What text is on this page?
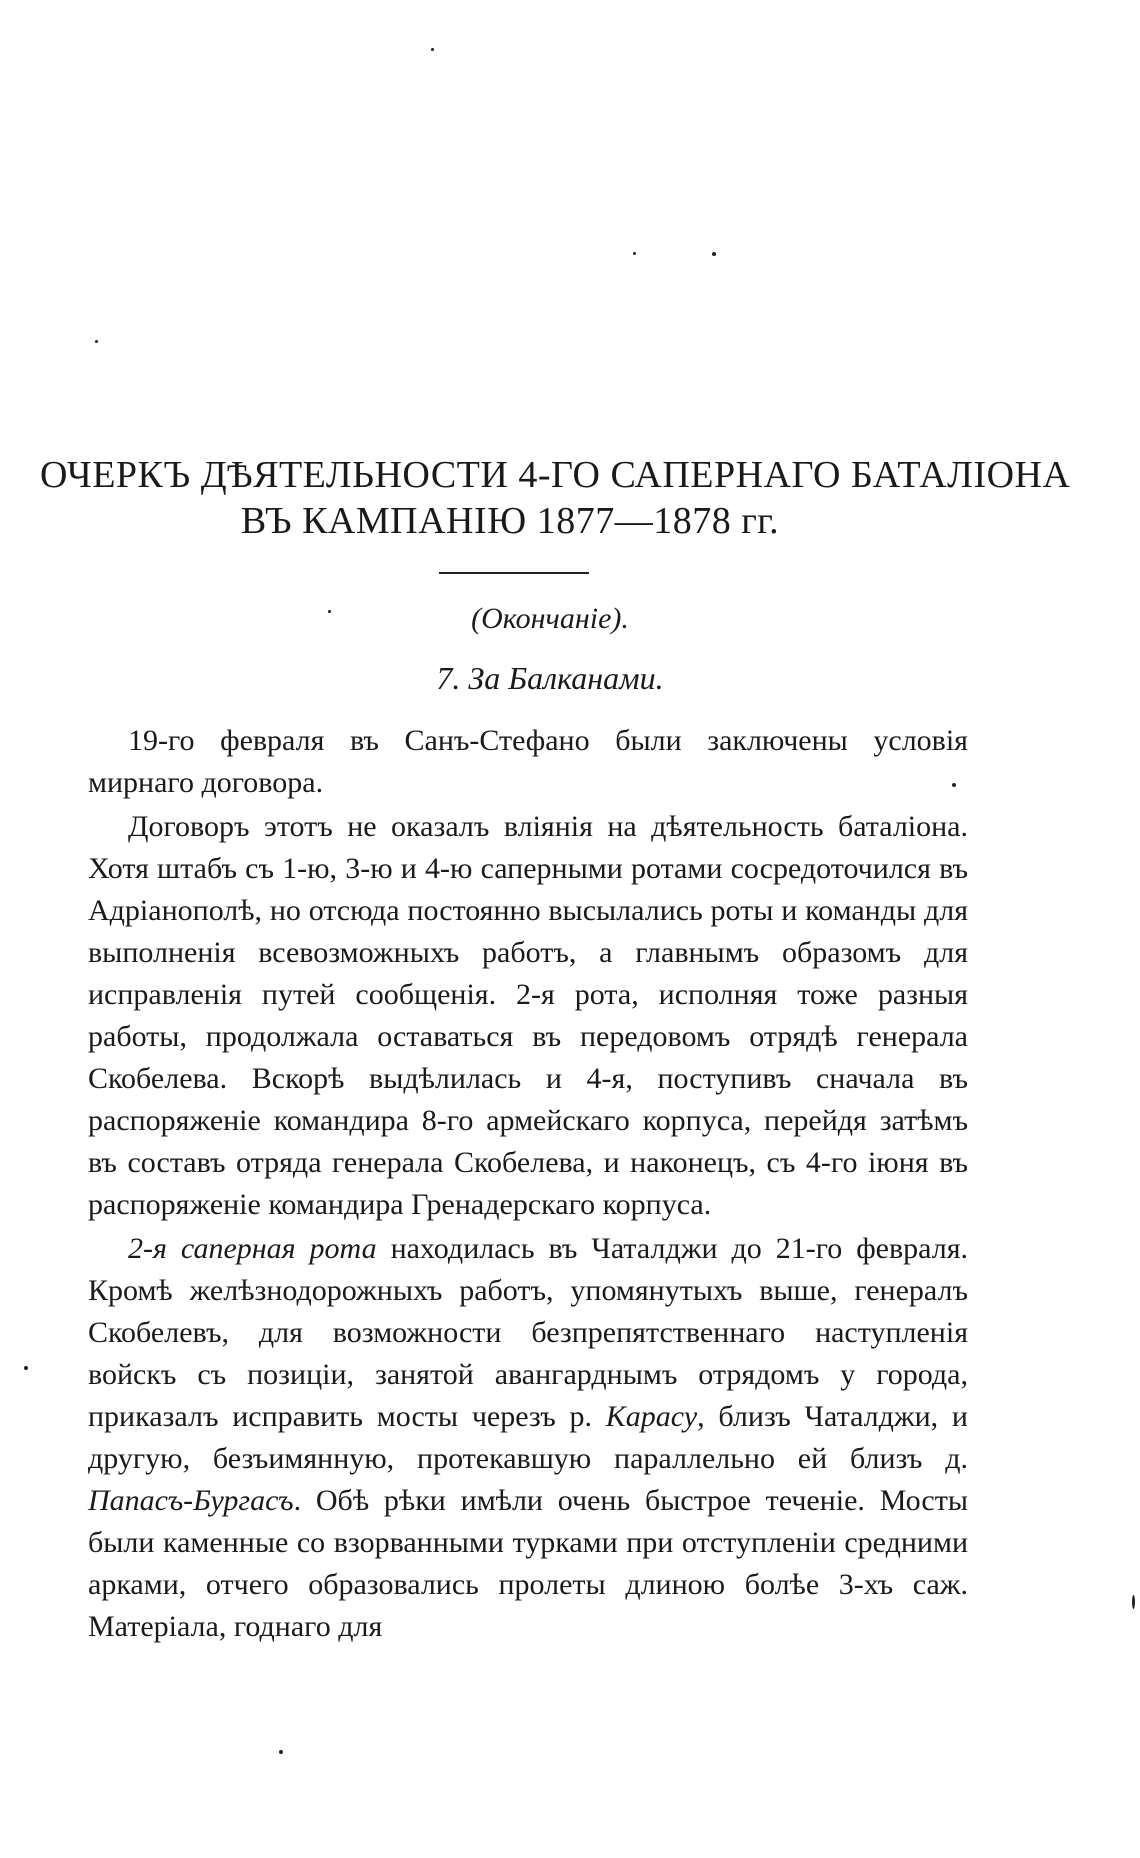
ОЧЕРКЪ ДѢЯТЕЛЬНОСТИ 4-ГО САПЕРНАГО БАТАЛІОНА
ВЪ КАМПАНІЮ 1877—1878 гг.
(Окончаніе).
7. За Балканами.

19-го февраля въ Санъ-Стефано были заключены условія мирнаго договора.

Договоръ этотъ не оказалъ вліянія на дѣятельность баталіона. Хотя штабъ съ 1-ю, 3-ю и 4-ю саперными ротами сосредоточился въ Адріанополѣ, но отсюда постоянно высылались роты и команды для выполненія всевозможныхъ работъ, а главнымъ образомъ для исправленія путей сообщенія. 2-я рота, исполняя тоже разныя работы, продолжала оставаться въ передовомъ отрядѣ генерала Скобелева. Вскорѣ выдѣлилась и 4-я, поступивъ сначала въ распоряженіе командира 8-го армейскаго корпуса, перейдя затѣмъ въ составъ отряда генерала Скобелева, и наконецъ, съ 4-го іюня въ распоряженіе командира Гренадерскаго корпуса.

2-я саперная рота находилась въ Чаталджи до 21-го февраля. Кромѣ желѣзнодорожныхъ работъ, упомянутыхъ выше, генералъ Скобелевъ, для возможности безпрепятственнаго наступленія войскъ съ позиціи, занятой авангарднымъ отрядомъ у города, приказалъ исправить мосты черезъ р. Карасу, близъ Чаталджи, и другую, безъимянную, протекавшую параллельно ей близъ д. Папасъ-Бургасъ. Обѣ рѣки имѣли очень быстрое теченіе. Мосты были каменные со взорванными турками при отступленіи средними арками, отчего образовались пролеты длиною болѣе 3-хъ саж. Матеріала, годнаго для
